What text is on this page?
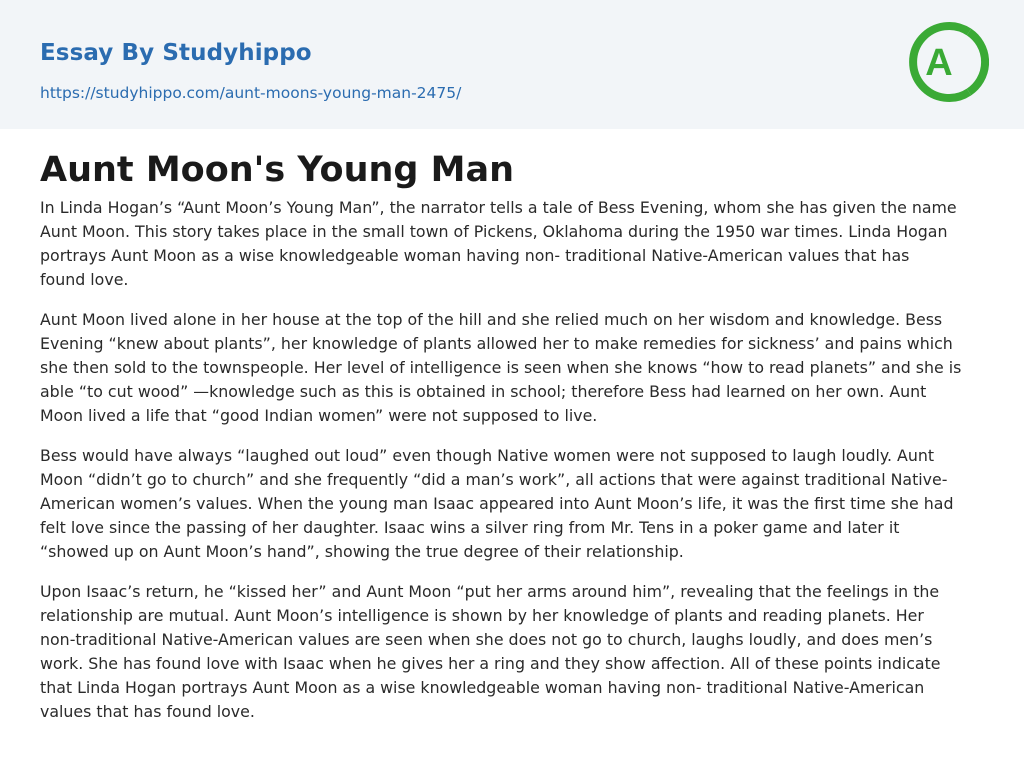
Essay By Studyhippo
https://studyhippo.com/aunt-moons-young-man-2475/
A
Aunt Moon's Young Man

In Linda Hogan’s “Aunt Moon’s Young Man”, the narrator tells a tale of Bess Evening, whom she has given the name
Aunt Moon. This story takes place in the small town of Pickens, Oklahoma during the 1950 war times. Linda Hogan
portrays Aunt Moon as a wise knowledgeable woman having non- traditional Native-American values that has
found love.

Aunt Moon lived alone in her house at the top of the hill and she relied much on her wisdom and knowledge. Bess
Evening “knew about plants”, her knowledge of plants allowed her to make remedies for sickness’ and pains which
she then sold to the townspeople. Her level of intelligence is seen when she knows “how to read planets” and she is
able “to cut wood” —knowledge such as this is obtained in school; therefore Bess had learned on her own. Aunt
Moon lived a life that “good Indian women” were not supposed to live.

Bess would have always “laughed out loud” even though Native women were not supposed to laugh loudly. Aunt
Moon “didn’t go to church” and she frequently “did a man’s work”, all actions that were against traditional Native-
American women’s values. When the young man Isaac appeared into Aunt Moon’s life, it was the first time she had
felt love since the passing of her daughter. Isaac wins a silver ring from Mr. Tens in a poker game and later it
“showed up on Aunt Moon’s hand”, showing the true degree of their relationship.

Upon Isaac’s return, he “kissed her” and Aunt Moon “put her arms around him”, revealing that the feelings in the
relationship are mutual. Aunt Moon’s intelligence is shown by her knowledge of plants and reading planets. Her
non-traditional Native-American values are seen when she does not go to church, laughs loudly, and does men’s
work. She has found love with Isaac when he gives her a ring and they show affection. All of these points indicate
that Linda Hogan portrays Aunt Moon as a wise knowledgeable woman having non- traditional Native-American
values that has found love.
